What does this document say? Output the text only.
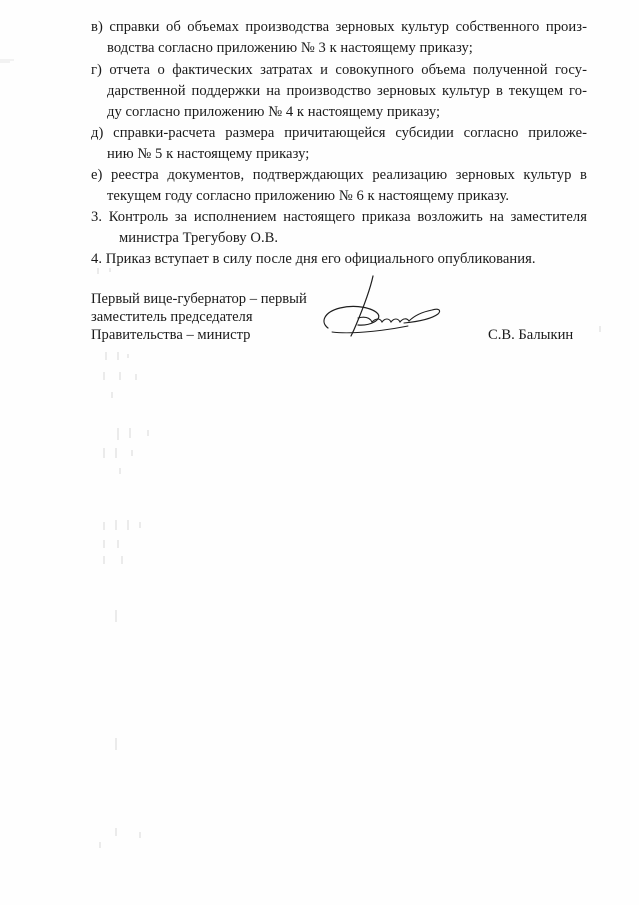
в) справки об объемах производства зерновых культур собственного произ-
водства согласно приложению № 3 к настоящему приказу;
г) отчета о фактических затратах и совокупного объема полученной госу-
дарственной поддержки на производство зерновых культур в текущем го-
ду согласно приложению № 4 к настоящему приказу;
д) справки-расчета размера причитающейся субсидии согласно приложе-
нию № 5 к настоящему приказу;
е) реестра документов, подтверждающих реализацию зерновых культур в
текущем году согласно приложению № 6 к настоящему приказу.
3. Контроль за исполнением настоящего приказа возложить на заместителя
министра Трегубову О.В.
4. Приказ вступает в силу после дня его официального опубликования.
Первый вице-губернатор – первый
заместитель председателя
Правительства – министр	С.В. Балыкин
